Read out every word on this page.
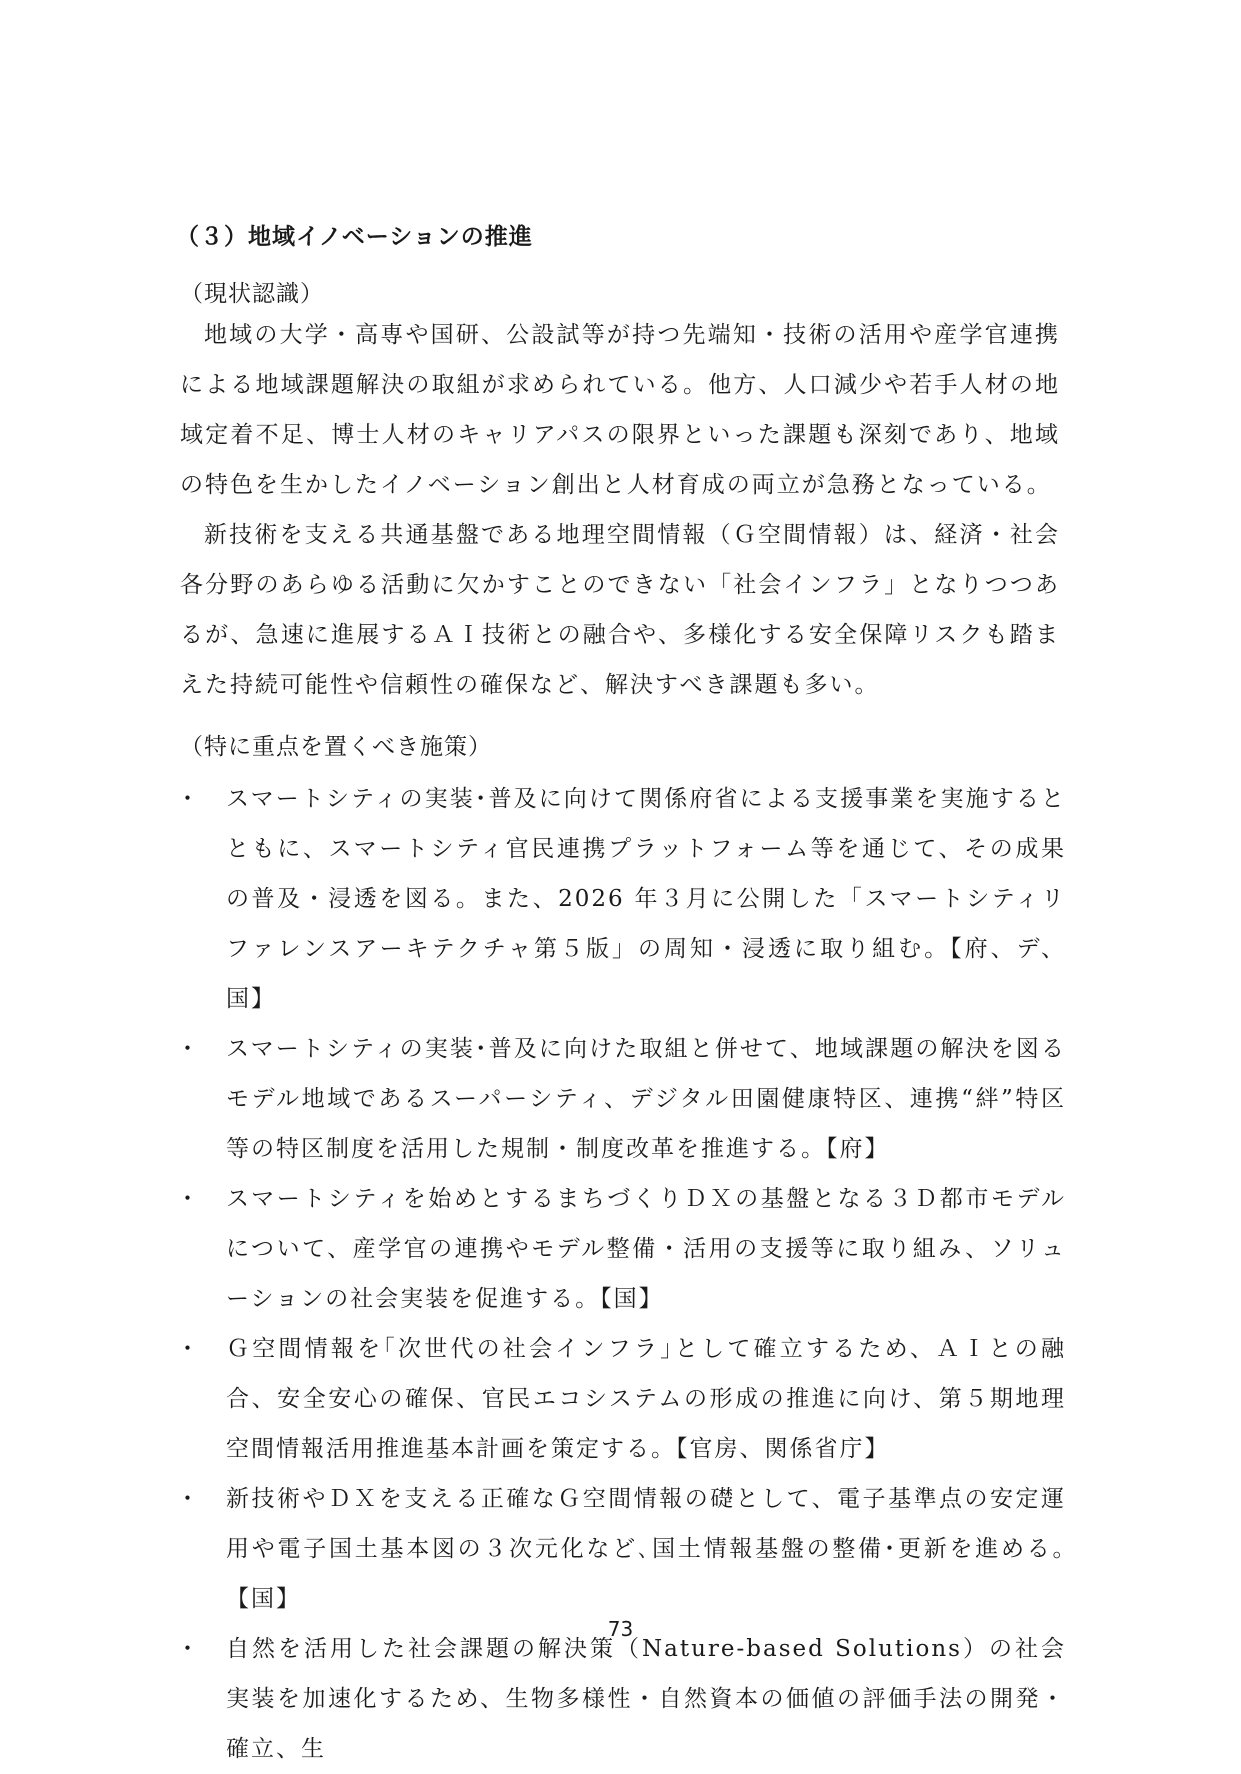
（３）地域イノベーションの推進
（現状認識）

地域の大学・高専や国研、公設試等が持つ先端知・技術の活用や産学官連携による地域課題解決の取組が求められている。他方、人口減少や若手人材の地域定着不足、博士人材のキャリアパスの限界といった課題も深刻であり、地域の特色を生かしたイノベーション創出と人材育成の両立が急務となっている。

新技術を支える共通基盤である地理空間情報（Ｇ空間情報）は、経済・社会各分野のあらゆる活動に欠かすことのできない「社会インフラ」となりつつあるが、急速に進展するＡＩ技術との融合や、多様化する安全保障リスクも踏まえた持続可能性や信頼性の確保など、解決すべき課題も多い。

（特に重点を置くべき施策）
・ スマートシティの実装･普及に向けて関係府省による支援事業を実施するとともに、スマートシティ官民連携プラットフォーム等を通じて、その成果の普及・浸透を図る。また、2026 年３月に公開した「スマートシティリファレンスアーキテクチャ第５版」の周知・浸透に取り組む。【府、デ、国】
・ スマートシティの実装･普及に向けた取組と併せて、地域課題の解決を図るモデル地域であるスーパーシティ、デジタル田園健康特区、連携“絆”特区等の特区制度を活用した規制・制度改革を推進する。【府】
・ スマートシティを始めとするまちづくりＤＸの基盤となる３Ｄ都市モデルについて、産学官の連携やモデル整備・活用の支援等に取り組み、ソリューションの社会実装を促進する。【国】
・ Ｇ空間情報を｢次世代の社会インフラ｣として確立するため、ＡＩとの融合、安全安心の確保、官民エコシステムの形成の推進に向け、第５期地理空間情報活用推進基本計画を策定する。【官房、関係省庁】
・ 新技術やＤＸを支える正確なＧ空間情報の礎として、電子基準点の安定運用や電子国土基本図の３次元化など､国土情報基盤の整備･更新を進める｡【国】
・ 自然を活用した社会課題の解決策（Nature-based Solutions）の社会実装を加速化するため、生物多様性・自然資本の価値の評価手法の開発・確立、生
73
